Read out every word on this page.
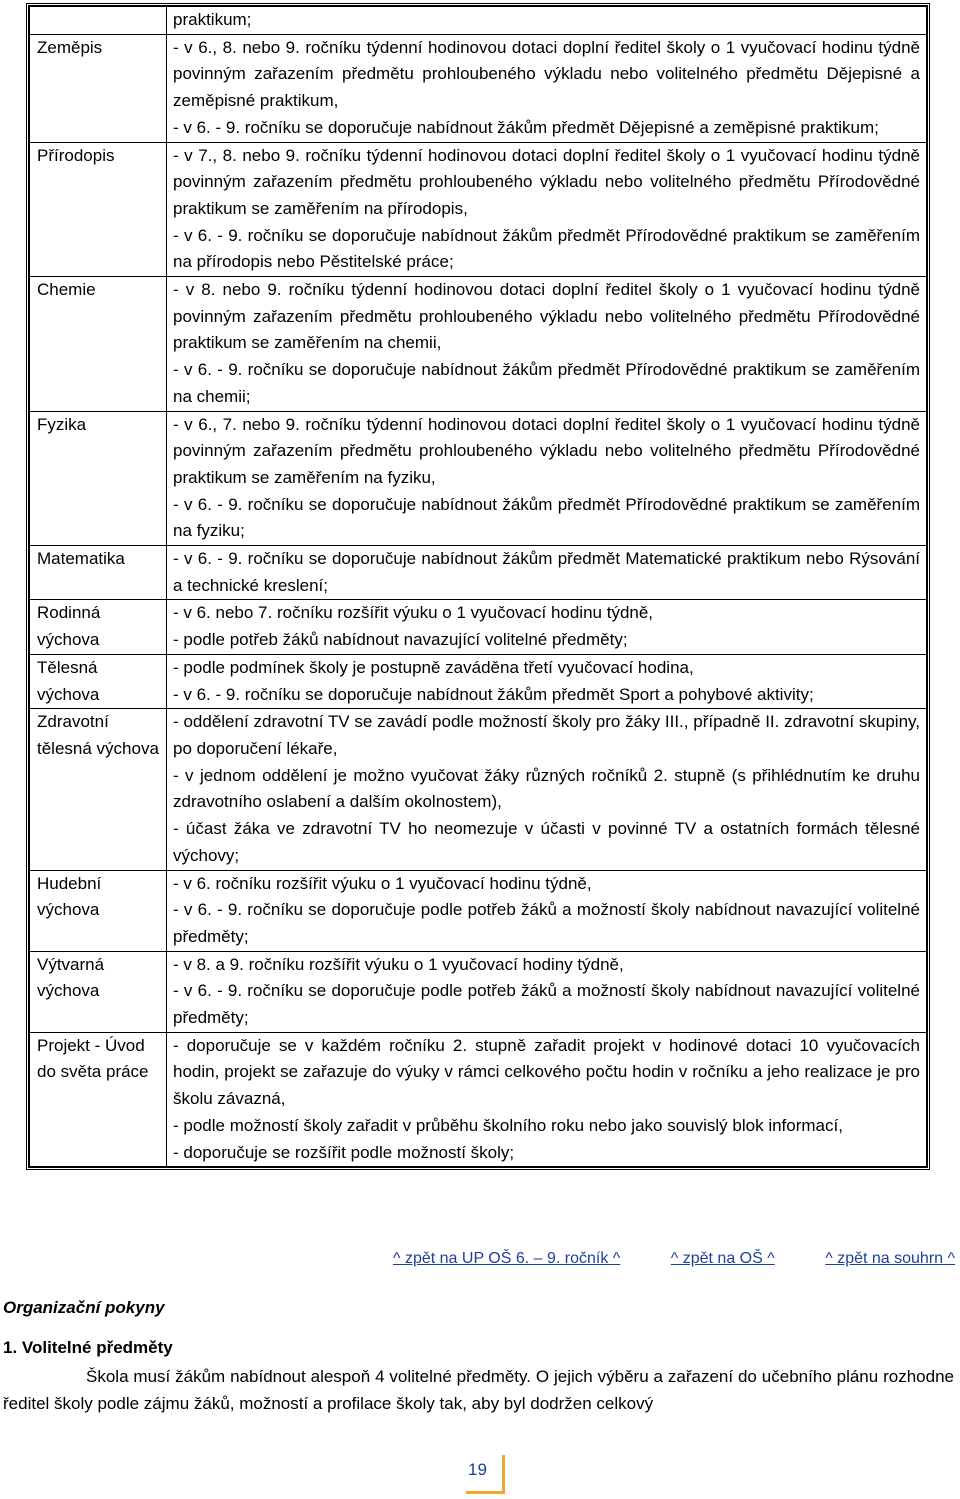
	praktikum;

Zeměpis	- v 6., 8. nebo 9. ročníku týdenní hodinovou dotaci doplní ředitel školy o 1 vyučovací hodinu týdně povinným zařazením předmětu prohloubeného výkladu nebo volitelného předmětu Dějepisné a zeměpisné praktikum,
- v 6. - 9. ročníku se doporučuje nabídnout žákům předmět Dějepisné a zeměpisné praktikum;

Přírodopis	- v 7., 8. nebo 9. ročníku týdenní hodinovou dotaci doplní ředitel školy o 1 vyučovací hodinu týdně povinným zařazením předmětu prohloubeného výkladu nebo volitelného předmětu Přírodovědné praktikum se zaměřením na přírodopis,
- v 6. - 9. ročníku se doporučuje nabídnout žákům předmět Přírodovědné praktikum se zaměřením na přírodopis nebo Pěstitelské práce;

Chemie	- v 8. nebo 9. ročníku týdenní hodinovou dotaci doplní ředitel školy o 1 vyučovací hodinu týdně povinným zařazením předmětu prohloubeného výkladu nebo volitelného předmětu Přírodovědné praktikum se zaměřením na chemii,
- v 6. - 9. ročníku se doporučuje nabídnout žákům předmět Přírodovědné praktikum se zaměřením na chemii;

Fyzika	- v 6., 7. nebo 9. ročníku týdenní hodinovou dotaci doplní ředitel školy o 1 vyučovací hodinu týdně povinným zařazením předmětu prohloubeného výkladu nebo volitelného předmětu Přírodovědné praktikum se zaměřením na fyziku,
- v 6. - 9. ročníku se doporučuje nabídnout žákům předmět Přírodovědné praktikum se zaměřením na fyziku;

Matematika	- v 6. - 9. ročníku se doporučuje nabídnout žákům předmět Matematické praktikum nebo Rýsování a technické kreslení;

Rodinná výchova	- v 6. nebo 7. ročníku rozšířit výuku o 1 vyučovací hodinu týdně,
- podle potřeb žáků nabídnout navazující volitelné předměty;

Tělesná výchova	- podle podmínek školy je postupně zaváděna třetí vyučovací hodina,
- v 6. - 9. ročníku se doporučuje nabídnout žákům předmět Sport a pohybové aktivity;

Zdravotní tělesná výchova	- oddělení zdravotní TV se zavádí podle možností školy pro žáky III., případně II. zdravotní skupiny, po doporučení lékaře,
- v jednom oddělení je možno vyučovat žáky různých ročníků 2. stupně (s přihlédnutím ke druhu zdravotního oslabení a dalším okolnostem),
- účast žáka ve zdravotní TV ho neomezuje v účasti v povinné TV a ostatních formách tělesné výchovy;

Hudební výchova	- v 6. ročníku rozšířit výuku o 1 vyučovací hodinu týdně,
- v 6. - 9. ročníku se doporučuje podle potřeb žáků a možností školy nabídnout navazující volitelné předměty;

Výtvarná výchova	- v 8. a 9. ročníku rozšířit výuku o 1 vyučovací hodiny týdně,
- v 6. - 9. ročníku se doporučuje podle potřeb žáků a možností školy nabídnout navazující volitelné předměty;

Projekt - Úvod do světa práce	- doporučuje se v každém ročníku 2. stupně zařadit projekt v hodinové dotaci 10 vyučovacích hodin, projekt se zařazuje do výuky v rámci celkového počtu hodin v ročníku a jeho realizace je pro školu závazná,
- podle možností školy zařadit v průběhu školního roku nebo jako souvislý blok informací,
- doporučuje se rozšířit podle možností školy;
^ zpět na UP OŠ 6. – 9. ročník ^	^ zpět na OŠ ^	^ zpět na souhrn ^
Organizační pokyny
1. Volitelné předměty
Škola musí žákům nabídnout alespoň 4 volitelné předměty. O jejich výběru a zařazení do učebního plánu rozhodne ředitel školy podle zájmu žáků, možností a profilace školy tak, aby byl dodržen celkový
19
